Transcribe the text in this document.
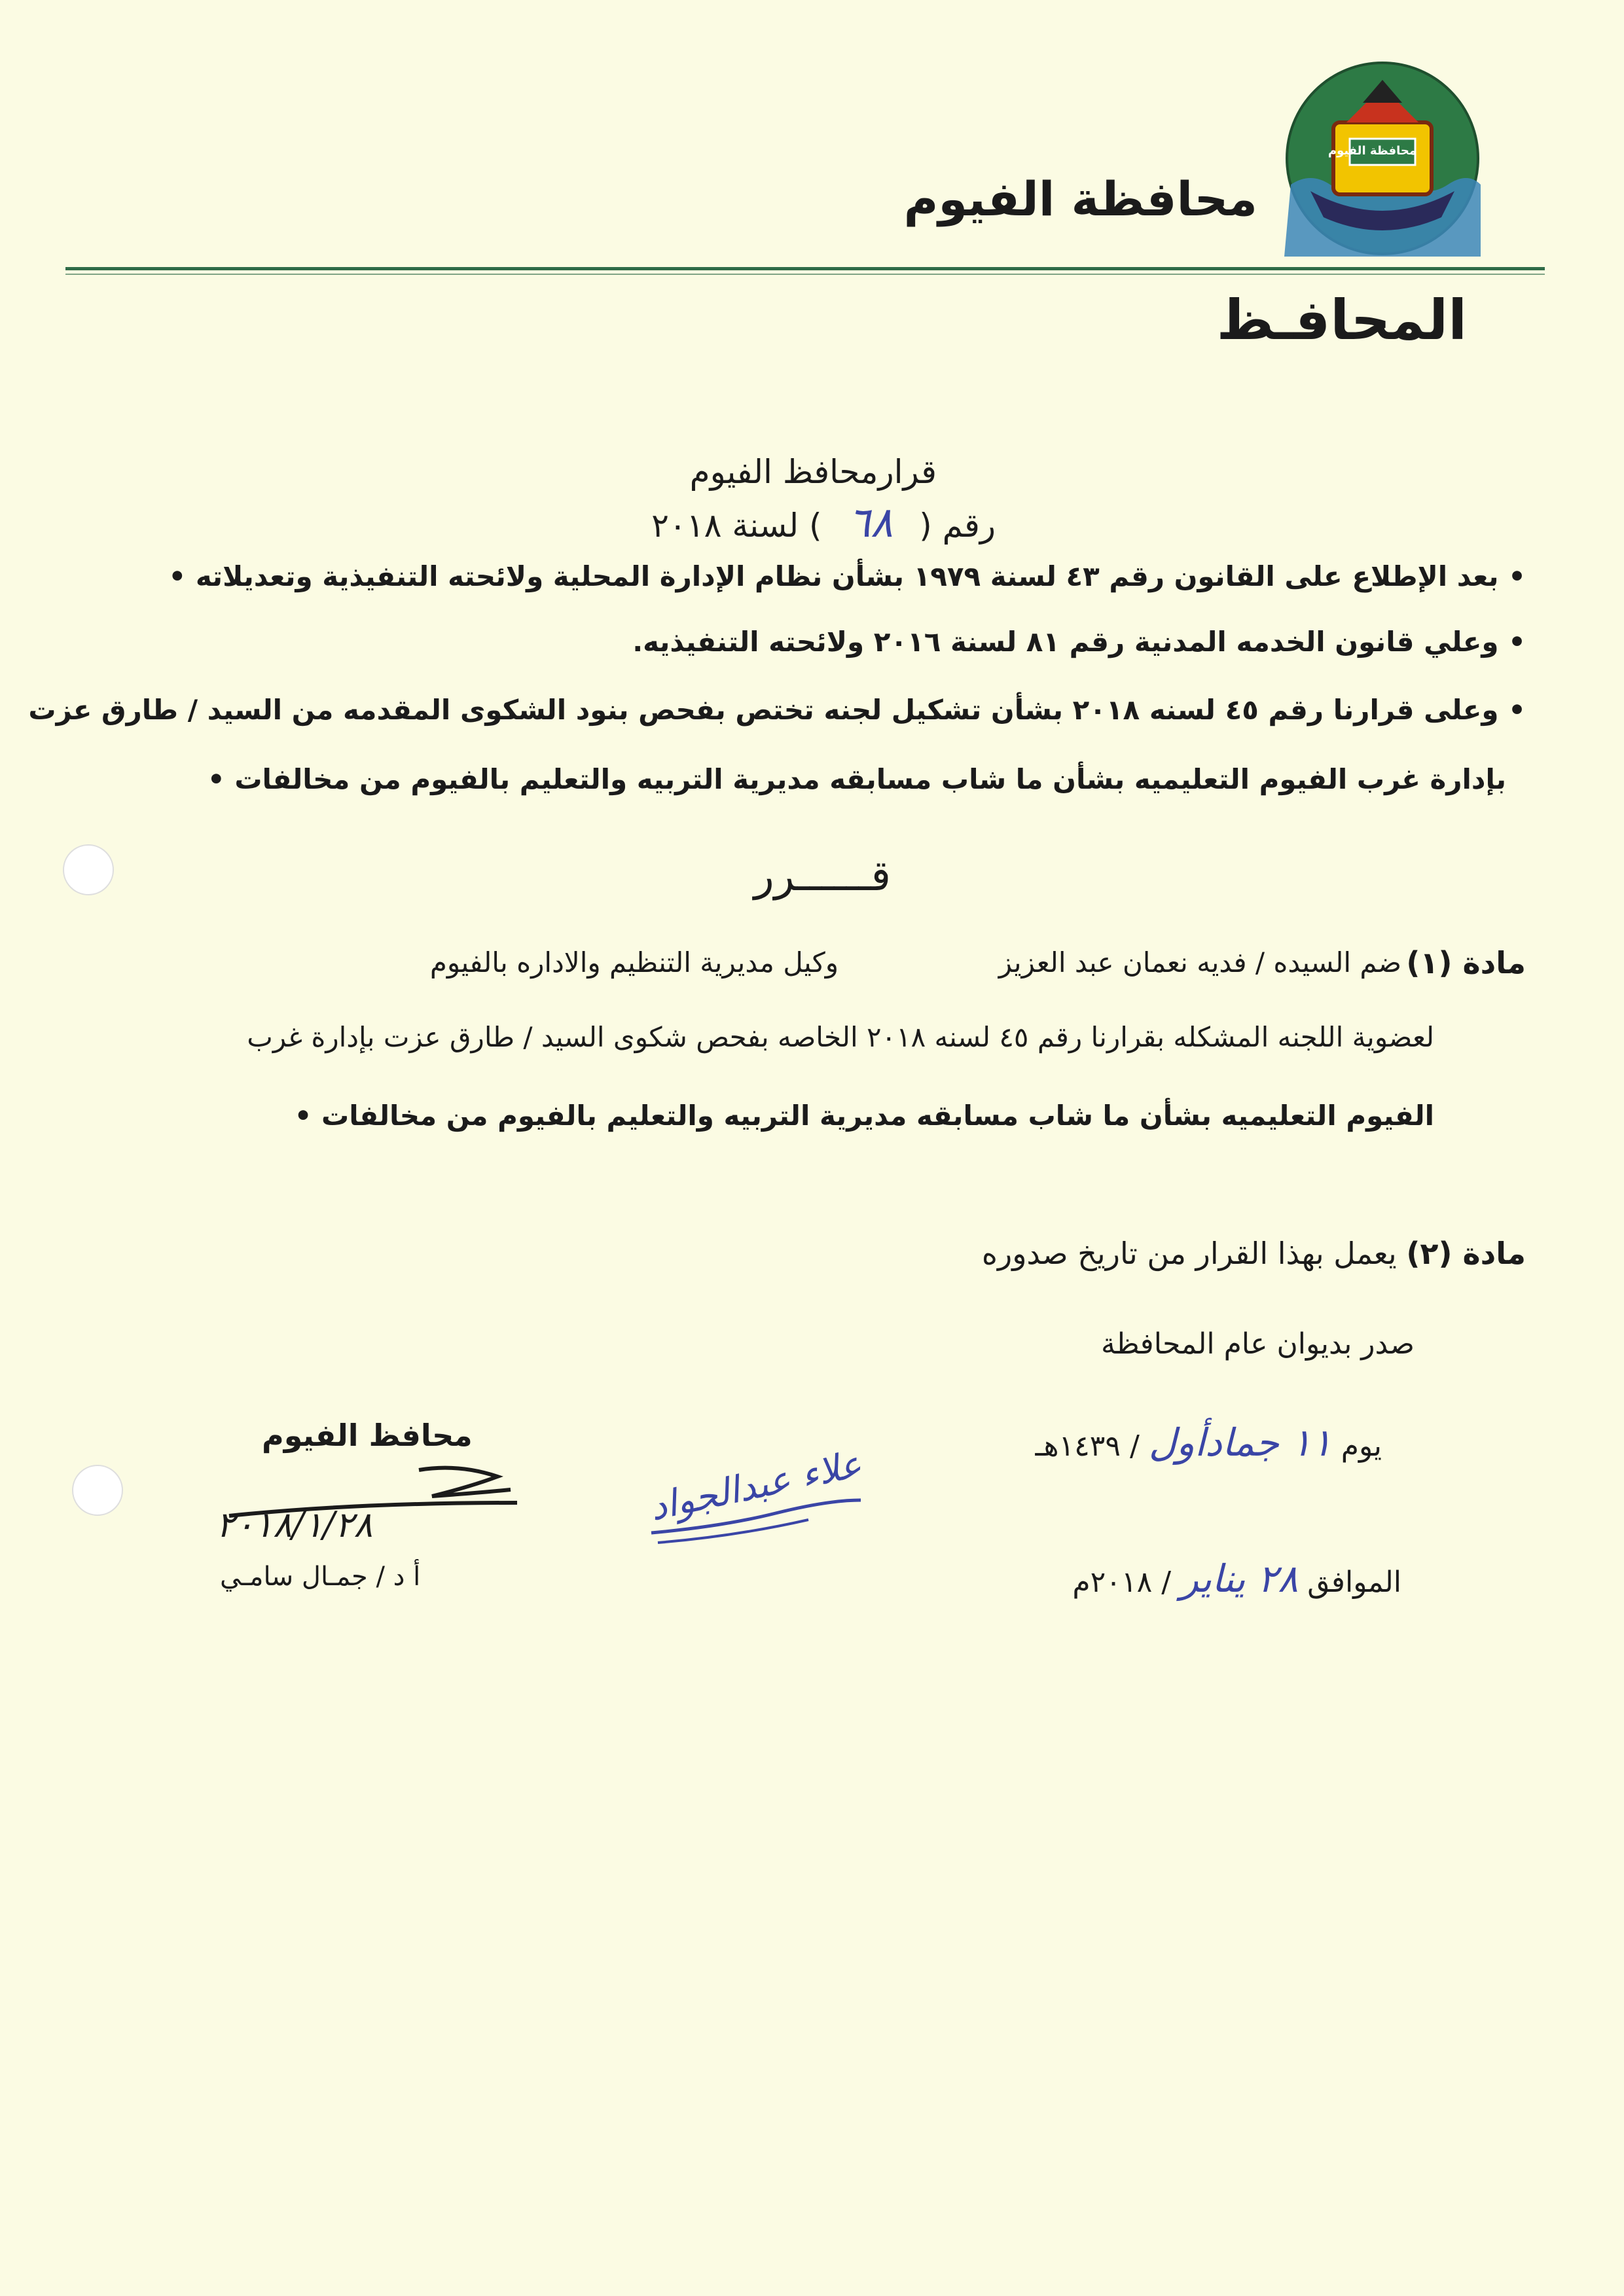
محافظة الفيوم
محافظة الفيوم
المحافـظ
قرارمحافظ الفيوم
رقم (٦٨) لسنة ٢٠١٨
• بعد الإطلاع على القانون رقم ٤٣ لسنة ١٩٧٩ بشأن نظام الإدارة المحلية ولائحته التنفيذية وتعديلاته •
• وعلي قانون الخدمه المدنية رقم ٨١ لسنة ٢٠١٦ ولائحته التنفيذيه.
• وعلى قرارنا رقم ٤٥ لسنه ٢٠١٨ بشأن تشكيل لجنه تختص بفحص بنود الشكوى المقدمه من السيد / طارق عزت
بإدارة غرب الفيوم التعليميه بشأن ما شاب مسابقه مديرية التربيه والتعليم بالفيوم من مخالفات •
قــــــرر
مادة (١)
ضم السيده / فديه نعمان عبد العزيز
وكيل مديرية التنظيم والاداره بالفيوم
لعضوية اللجنه المشكله بقرارنا رقم ٤٥ لسنه ٢٠١٨ الخاصه بفحص شكوى السيد / طارق عزت بإدارة غرب
الفيوم التعليميه بشأن ما شاب مسابقه مديرية التربيه والتعليم بالفيوم من مخالفات •
مادة (٢) يعمل بهذا القرار من تاريخ صدوره
صدر بديوان عام المحافظة
يوم ١١ جمادأول / ١٤٣٩هـ
الموافق ٢٨ يناير / ٢٠١٨م
علاء عبدالجواد
محافظ الفيوم
٢٠١٨/١/٢٨
أ د / جمـال سامـي
